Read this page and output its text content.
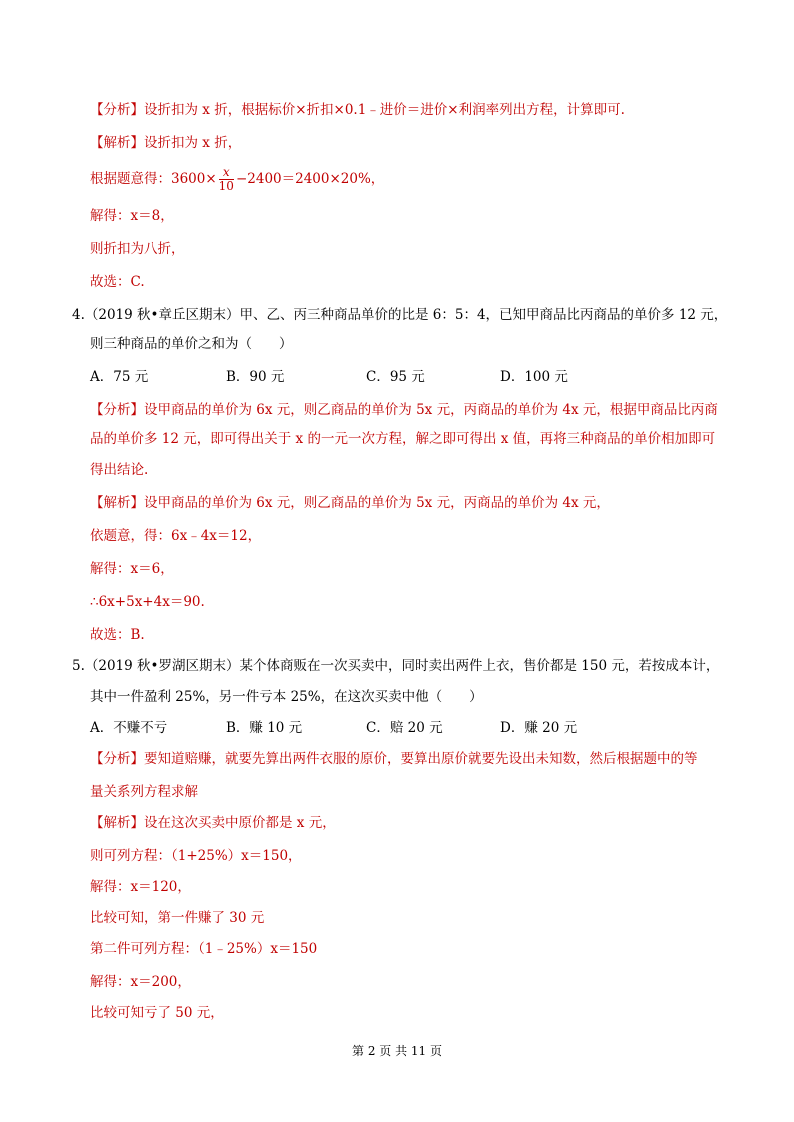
【分析】设折扣为 x 折，根据标价×折扣×0.1﹣进价＝进价×利润率列出方程，计算即可.
【解析】设折扣为 x 折，
根据题意得：$3600\times \frac{x}{10} -2400=2400\times 20\%$，
解得：x＝8，
则折扣为八折，
故选：C.
4.（2019 秋•章丘区期末）甲、乙、丙三种商品单价的比是 6：5：4，已知甲商品比丙商品的单价多 12 元，
则三种商品的单价之和为（　　）
A．75 元	B．90 元	C．95 元	D．100 元
【分析】设甲商品的单价为 6x 元，则乙商品的单价为 5x 元，丙商品的单价为 4x 元，根据甲商品比丙商
品的单价多 12 元，即可得出关于 x 的一元一次方程，解之即可得出 x 值，再将三种商品的单价相加即可
得出结论.
【解析】设甲商品的单价为 6x 元，则乙商品的单价为 5x 元，丙商品的单价为 4x 元，
依题意，得：6x﹣4x＝12，
解得：x＝6，
∴6x+5x+4x＝90.
故选：B.
5.（2019 秋•罗湖区期末）某个体商贩在一次买卖中，同时卖出两件上衣，售价都是 150 元，若按成本计，
其中一件盈利 25%，另一件亏本 25%，在这次买卖中他（　　）
A．不赚不亏	B．赚 10 元	C．赔 20 元	D．赚 20 元
【分析】要知道赔赚，就要先算出两件衣服的原价，要算出原价就要先设出未知数，然后根据题中的等
量关系列方程求解
【解析】设在这次买卖中原价都是 x 元，
则可列方程：（1+25%）x＝150，
解得：x＝120，
比较可知，第一件赚了 30 元
第二件可列方程：（1﹣25%）x＝150
解得：x＝200，
比较可知亏了 50 元，
第 2 页 共 11 页
